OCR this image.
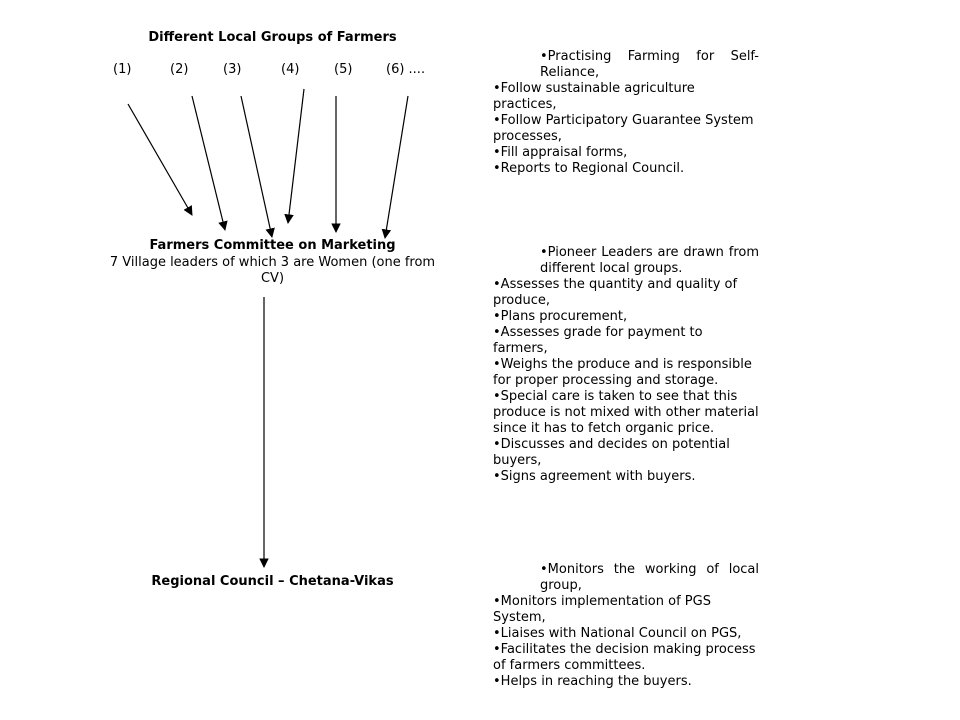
Different Local Groups of Farmers
(1)	(2)	(3)	(4)	(5)	(6) ....
Farmers Committee on Marketing
7 Village leaders of which 3 are Women (one from CV)
Regional Council – Chetana-Vikas
• Practising Farming for Self-Reliance,
• Follow sustainable agriculture practices,
• Follow Participatory Guarantee System processes,
• Fill appraisal forms,
• Reports to Regional Council.
• Pioneer Leaders are drawn from different local groups.
• Assesses the quantity and quality of produce,
• Plans procurement,
• Assesses grade for payment to farmers,
• Weighs the produce and is responsible for proper processing and storage.
• Special care is taken to see that this produce is not mixed with other material since it has to fetch organic price.
• Discusses and decides on potential buyers,
• Signs agreement with buyers.
• Monitors the working of local group,
• Monitors implementation of PGS System,
• Liaises with National Council on PGS,
• Facilitates the decision making process of farmers committees.
• Helps in reaching the buyers.
